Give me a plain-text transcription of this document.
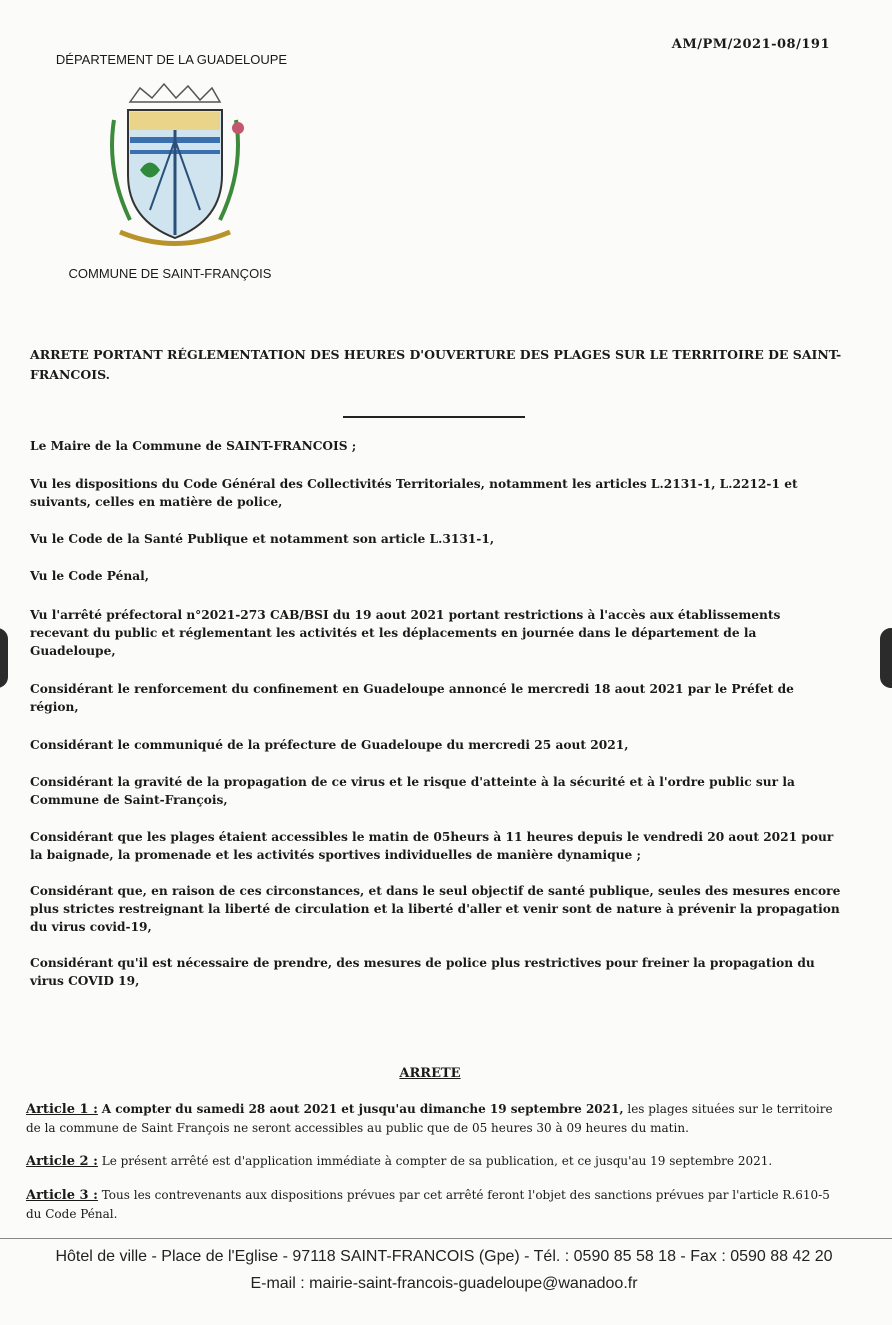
AM/PM/2021-08/191
DÉPARTEMENT DE LA GUADELOUPE
COMMUNE DE SAINT-FRANÇOIS
ARRETE PORTANT RÉGLEMENTATION DES HEURES D'OUVERTURE DES PLAGES SUR LE TERRITOIRE DE SAINT-FRANCOIS.

Le Maire de la Commune de SAINT-FRANCOIS ;

Vu les dispositions du Code Général des Collectivités Territoriales, notamment les articles L.2131-1, L.2212-1 et suivants, celles en matière de police,

Vu le Code de la Santé Publique et notamment son article L.3131-1,

Vu le Code Pénal,

Vu l'arrêté préfectoral n°2021-273 CAB/BSI du 19 aout 2021 portant restrictions à l'accès aux établissements recevant du public et réglementant les activités et les déplacements en journée dans le département de la Guadeloupe,

Considérant le renforcement du confinement en Guadeloupe annoncé le mercredi 18 aout 2021 par le Préfet de région,

Considérant le communiqué de la préfecture de Guadeloupe du mercredi 25 aout 2021,

Considérant la gravité de la propagation de ce virus et le risque d'atteinte à la sécurité et à l'ordre public sur la Commune de Saint-François,

Considérant que les plages étaient accessibles le matin de 05heurs à 11 heures depuis le vendredi 20 aout 2021 pour la baignade, la promenade et les activités sportives individuelles de manière dynamique ;

Considérant que, en raison de ces circonstances, et dans le seul objectif de santé publique, seules des mesures encore plus strictes restreignant la liberté de circulation et la liberté d'aller et venir sont de nature à prévenir la propagation du virus covid-19,

Considérant qu'il est nécessaire de prendre, des mesures de police plus restrictives pour freiner la propagation du virus COVID 19,

ARRETE

Article 1 : A compter du samedi 28 aout 2021 et jusqu'au dimanche 19 septembre 2021, les plages situées sur le territoire de la commune de Saint François ne seront accessibles au public que de 05 heures 30 à 09 heures du matin.

Article 2 : Le présent arrêté est d'application immédiate à compter de sa publication, et ce jusqu'au 19 septembre 2021.

Article 3 : Tous les contrevenants aux dispositions prévues par cet arrêté feront l'objet des sanctions prévues par l'article R.610-5 du Code Pénal.

Hôtel de ville - Place de l'Eglise - 97118 SAINT-FRANCOIS (Gpe) - Tél. : 0590 85 58 18 - Fax : 0590 88 42 20
E-mail : mairie-saint-francois-guadeloupe@wanadoo.fr
